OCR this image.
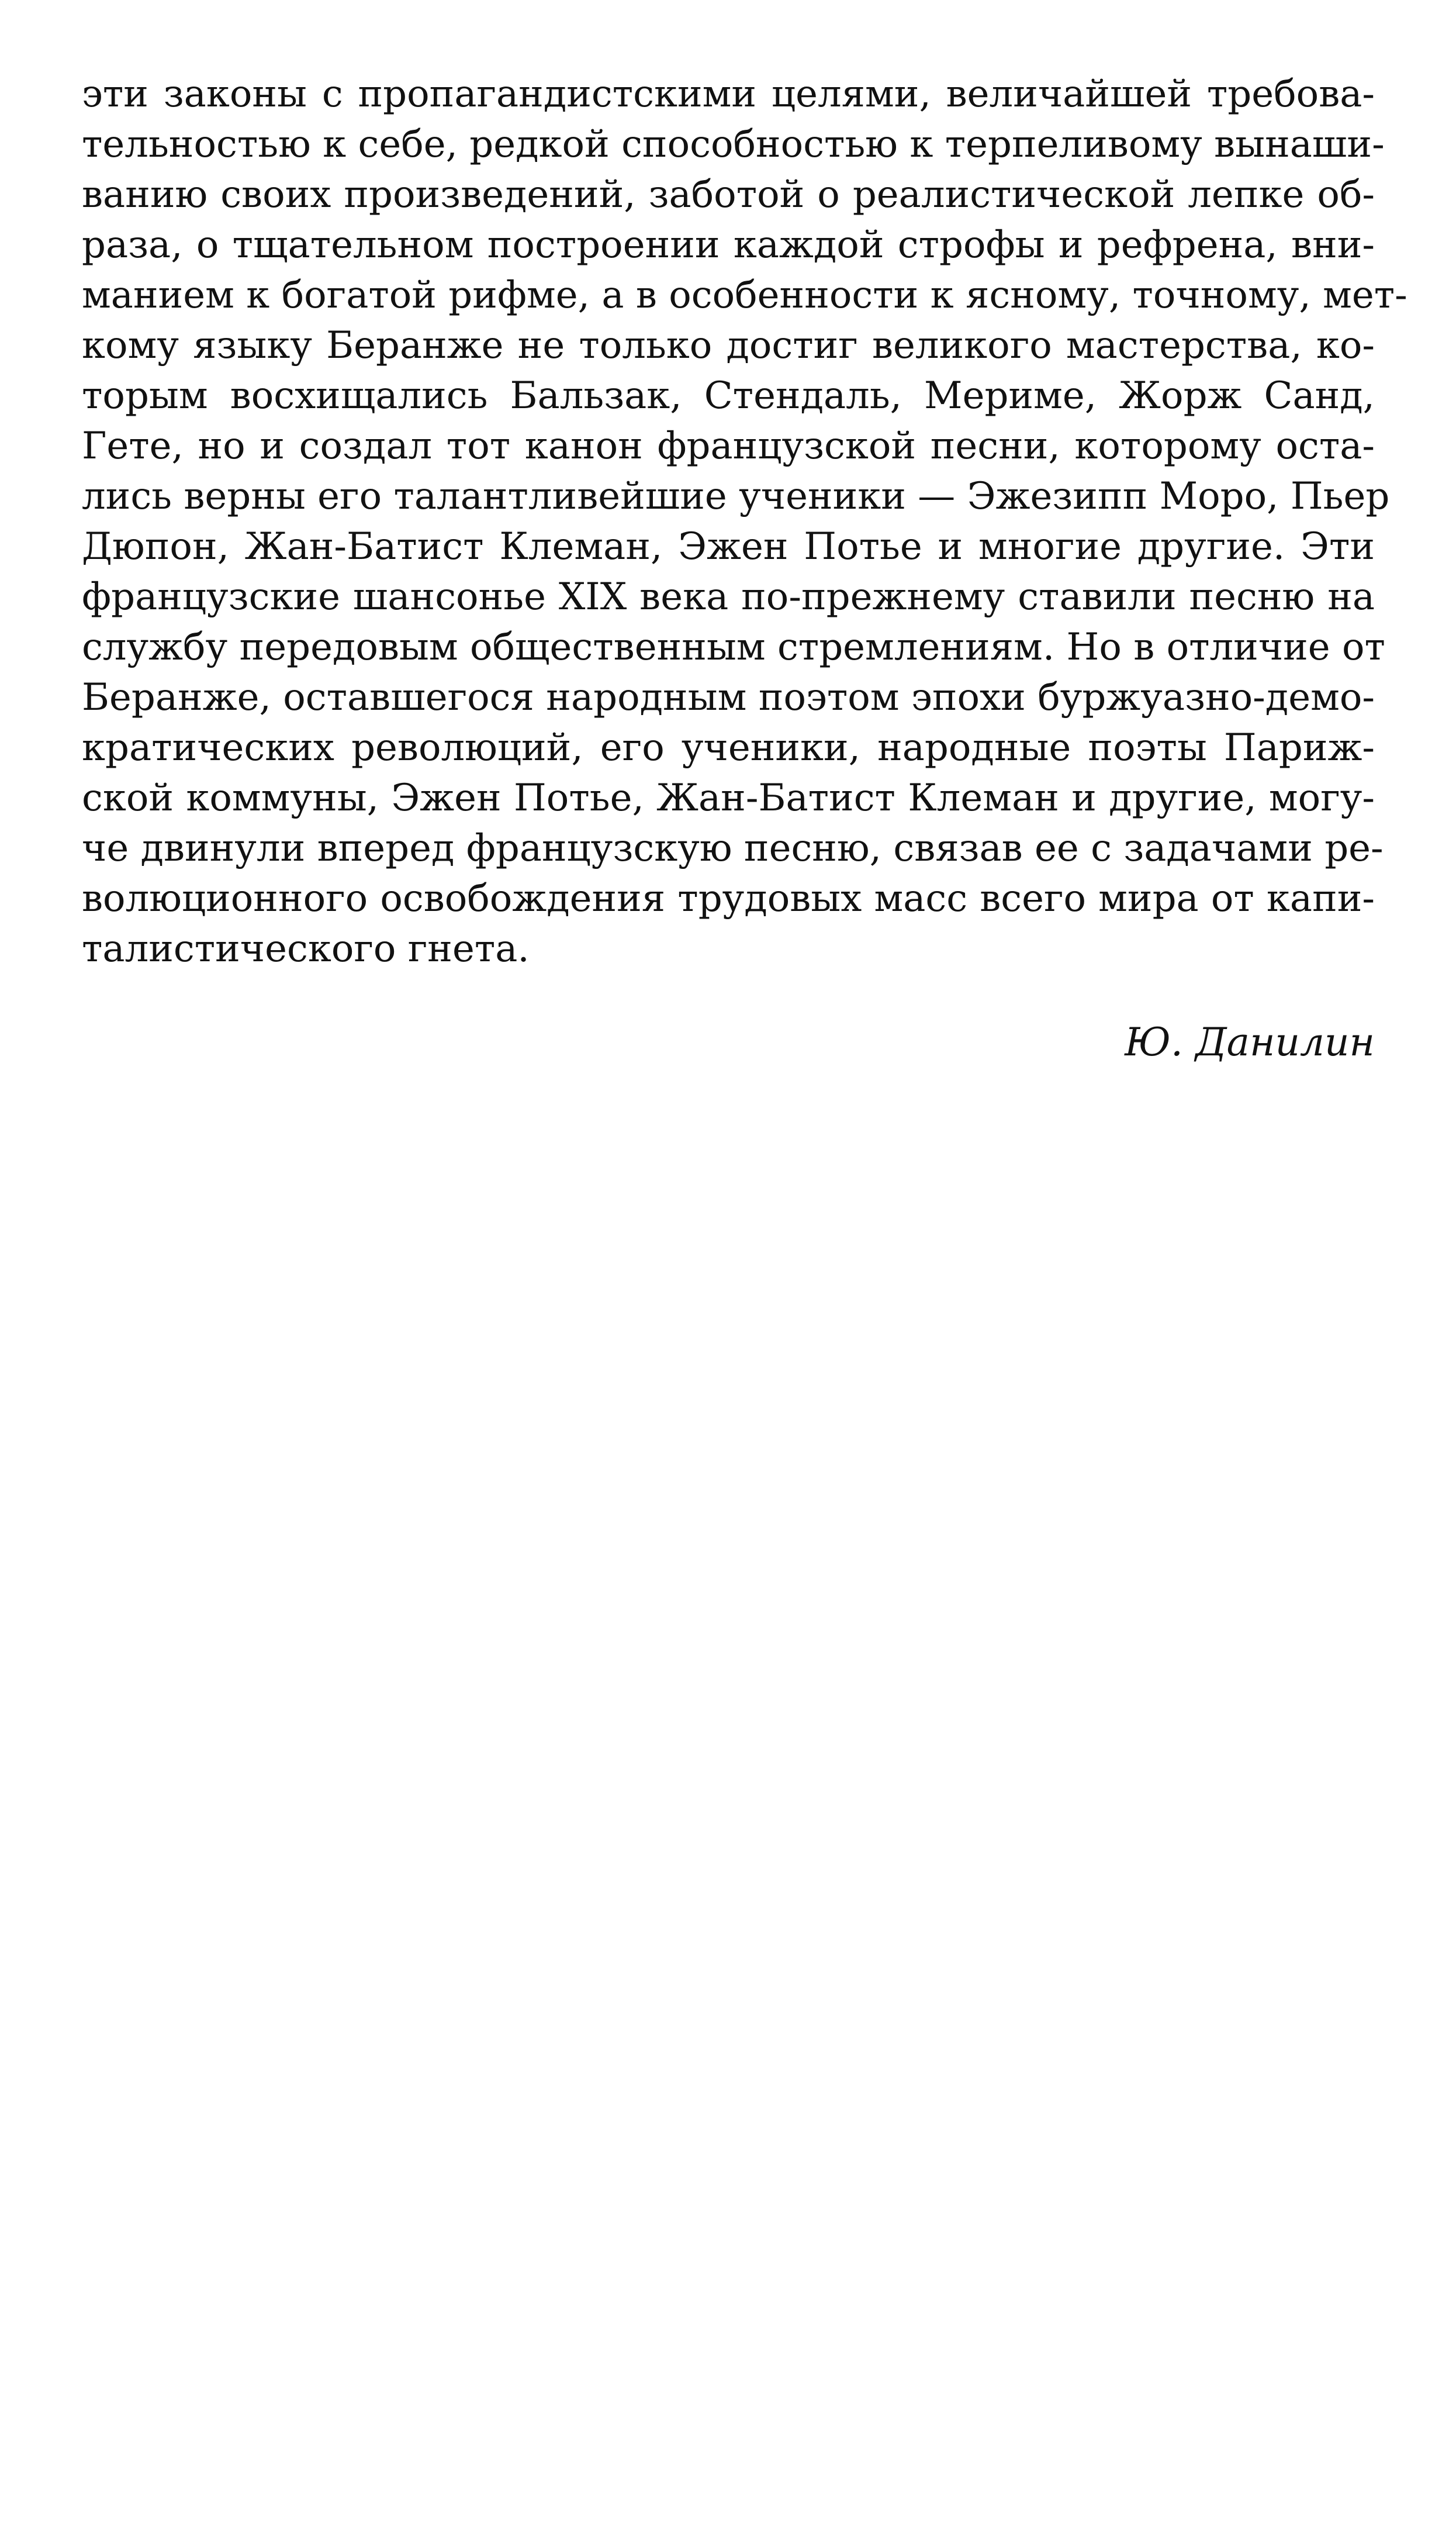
эти законы с пропагандистскими целями, величайшей требова-
тельностью к себе, редкой способностью к терпеливому вынаши-
ванию своих произведений, заботой о реалистической лепке об-
раза, о тщательном построении каждой строфы и рефрена, вни-
манием к богатой рифме, а в особенности к ясному, точному, мет-
кому языку Беранже не только достиг великого мастерства, ко-
торым восхищались Бальзак, Стендаль, Мериме, Жорж Санд,
Гете, но и создал тот канон французской песни, которому оста-
лись верны его талантливейшие ученики — Эжезипп Моро, Пьер
Дюпон, Жан-Батист Клеман, Эжен Потье и многие другие. Эти
французские шансонье XIX века по-прежнему ставили песню на
службу передовым общественным стремлениям. Но в отличие от
Беранже, оставшегося народным поэтом эпохи буржуазно-демо-
кратических революций, его ученики, народные поэты Париж-
ской коммуны, Эжен Потье, Жан-Батист Клеман и другие, могу-
че двинули вперед французскую песню, связав ее с задачами ре-
волюционного освобождения трудовых масс всего мира от капи-
талистического гнета.
Ю. Данилин
